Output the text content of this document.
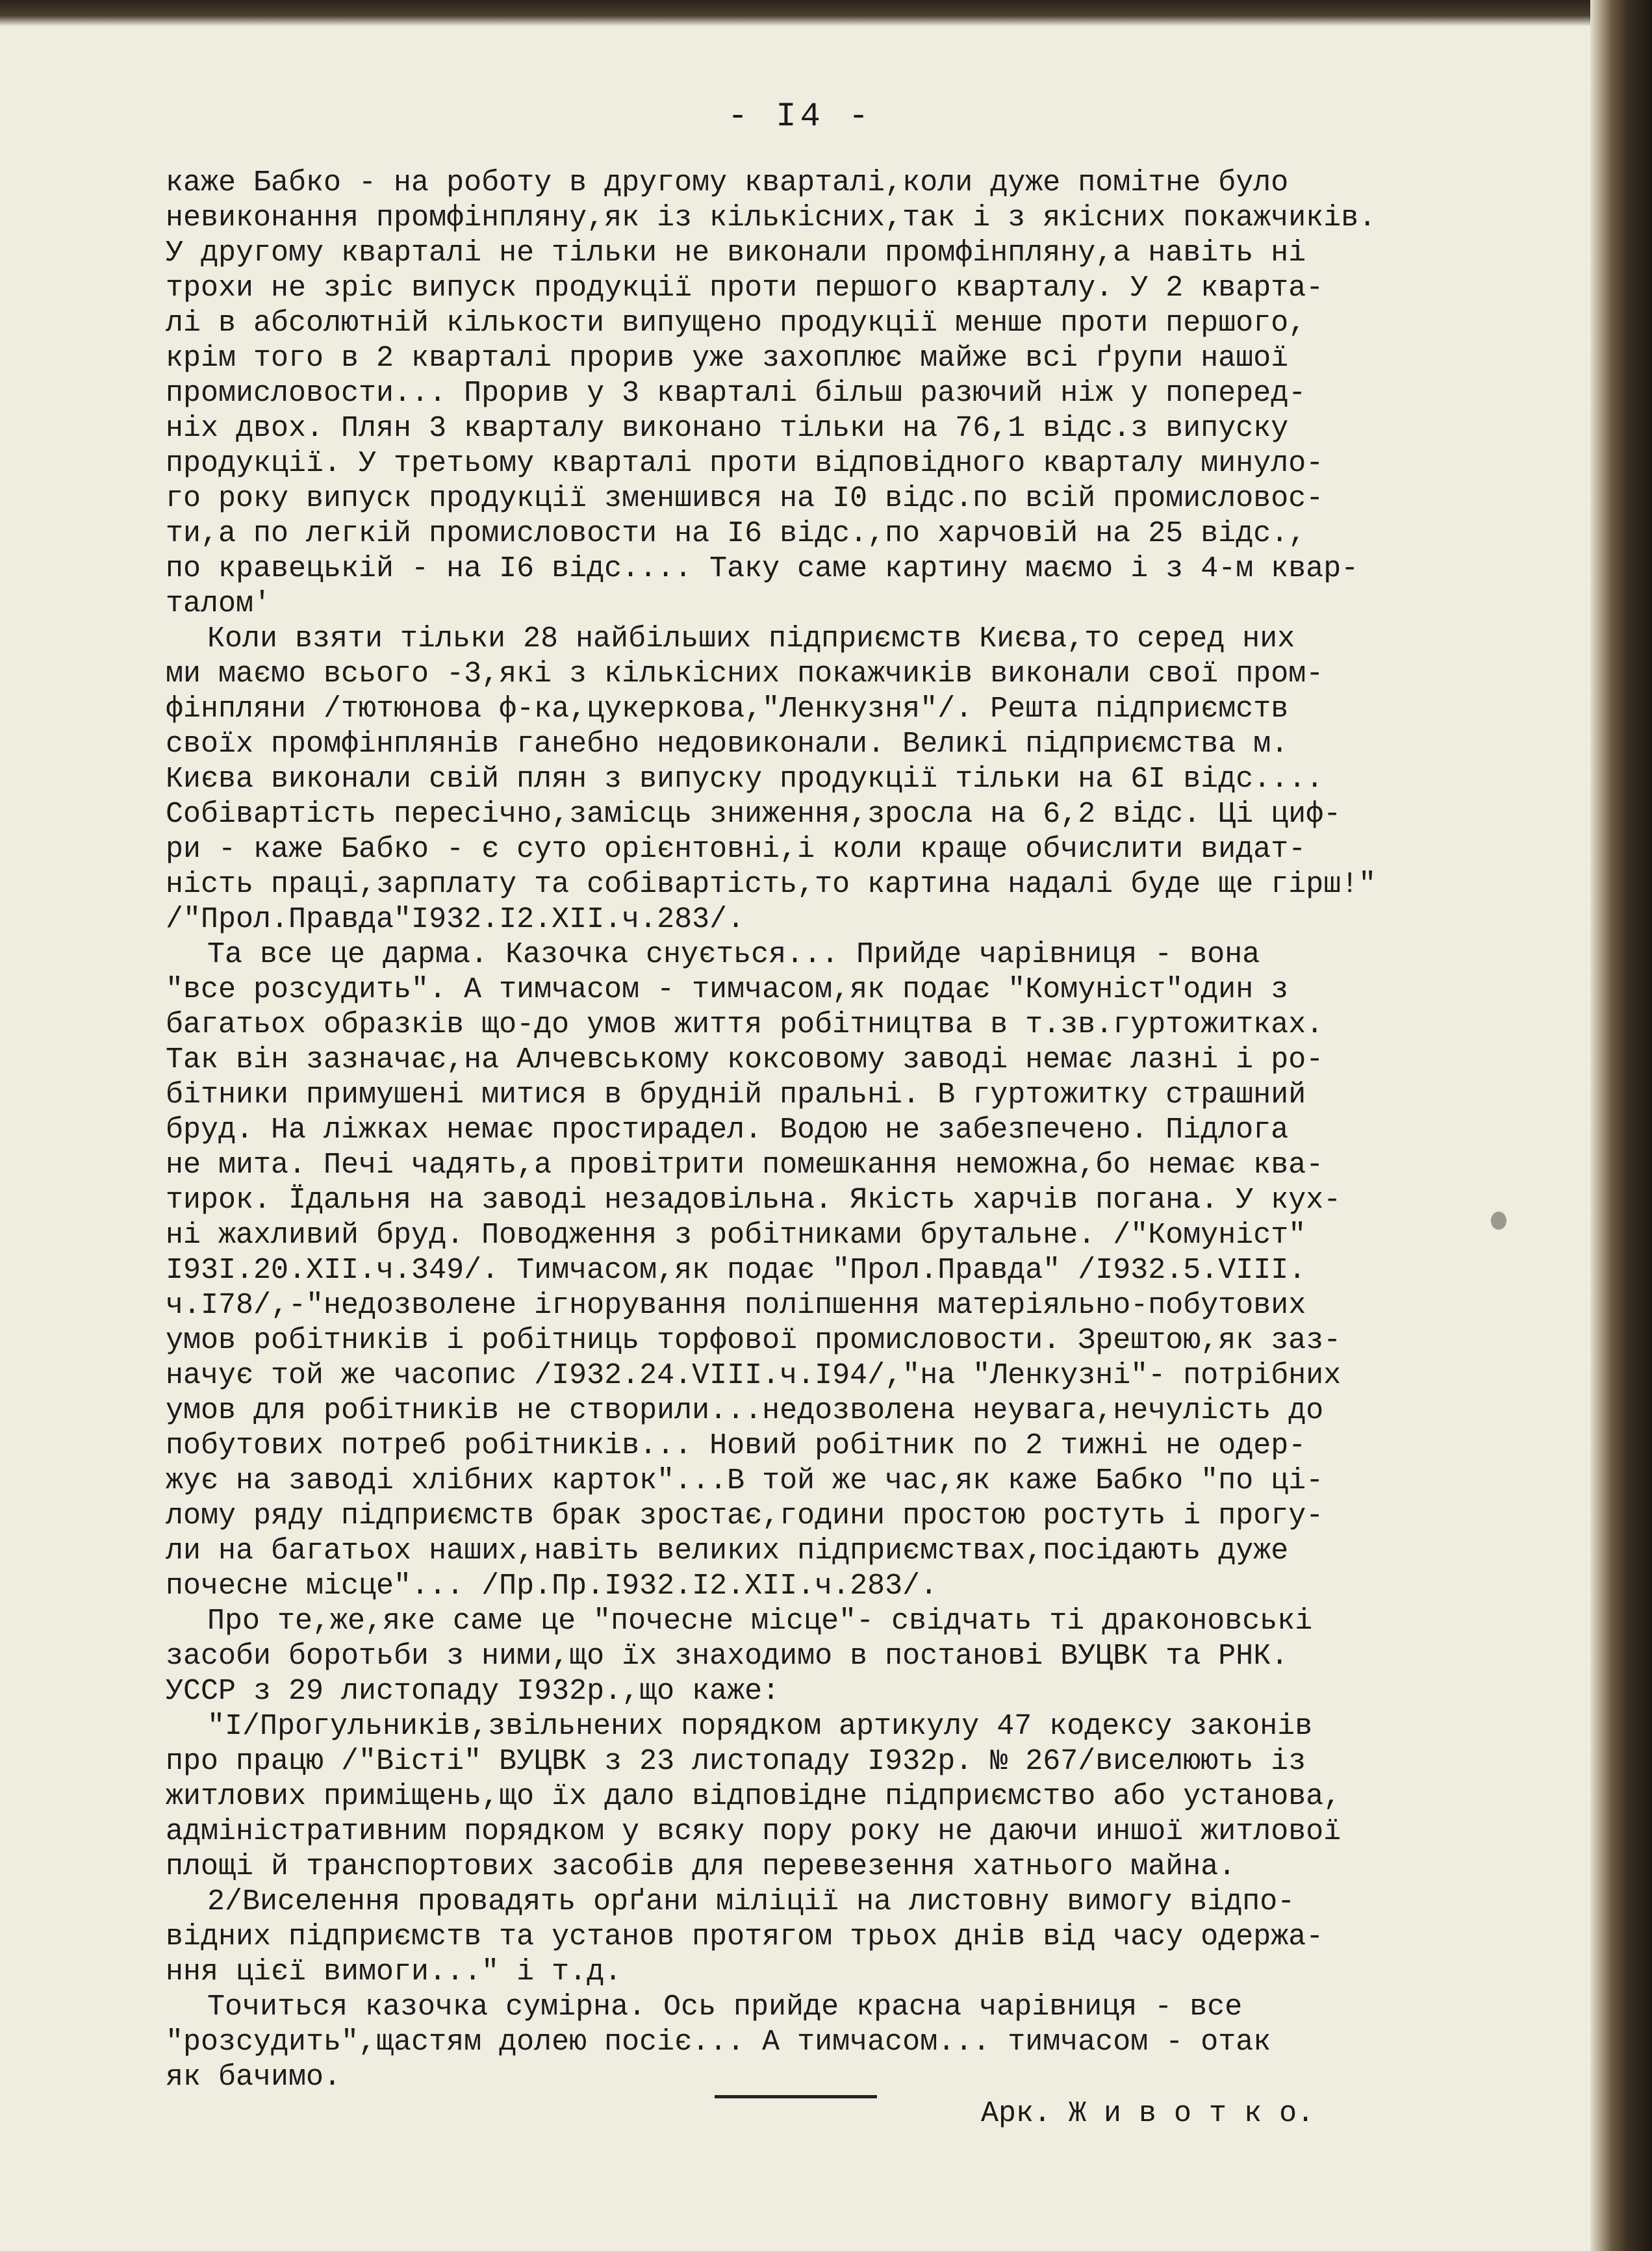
- I4 -

каже Бабко - на роботу в другому кварталі,коли дуже помітне було
невиконання промфінпляну,як із кількісних,так і з якісних покажчиків.
У другому кварталі не тільки не виконали промфінпляну,а навіть ні
трохи не зріс випуск продукції проти першого кварталу. У 2 кварта-
лі в абсолютній кількости випущено продукції менше проти першого,
крім того в 2 кварталі прорив уже захоплює майже всі ґрупи нашої
промисловости... Прорив у 3 кварталі більш разючий ніж у поперед-
ніх двох. Плян 3 кварталу виконано тільки на 76,1 відс.з випуску
продукції. У третьому кварталі проти відповідного кварталу минуло-
го року випуск продукції зменшився на I0 відс.по всій промисловос-
ти,а по легкій промисловости на I6 відс.,по харчовій на 25 відс.,
по кравецькій - на I6 відс.... Таку саме картину маємо і з 4-м квар-
талом'

Коли взяти тільки 28 найбільших підприємств Києва,то серед них
ми маємо всього -3,які з кількісних покажчиків виконали свої пром-
фінпляни /тютюнова ф-ка,цукеркова,"Ленкузня"/. Решта підприємств
своїх промфінплянів ганебно недовиконали. Великі підприємства м.
Києва виконали свій плян з випуску продукції тільки на 6I відс....
Собівартість пересічно,замісць зниження,зросла на 6,2 відс. Ці циф-
ри - каже Бабко - є суто орієнтовні,і коли краще обчислити видат-
ність праці,зарплату та собівартість,то картина надалі буде ще гірш!"
/"Прол.Правда"I932.I2.XII.ч.283/.

Та все це дарма. Казочка снується... Прийде чарівниця - вона
"все розсудить". А тимчасом - тимчасом,як подає "Комуніст"один з
багатьох образків що-до умов життя робітництва в т.зв.гуртожитках.
Так він зазначає,на Алчевському коксовому заводі немає лазні і ро-
бітники примушені митися в брудній пральні. В гуртожитку страшний
бруд. На ліжках немає простирадел. Водою не забезпечено. Підлога
не мита. Печі чадять,а провітрити помешкання неможна,бо немає ква-
тирок. Їдальня на заводі незадовільна. Якість харчів погана. У кух-
ні жахливий бруд. Поводження з робітниками брутальне. /"Комуніст"
I93I.20.XII.ч.349/. Тимчасом,як подає "Прол.Правда" /I932.5.VIII.
ч.I78/,-"недозволене ігнорування поліпшення матеріяльно-побутових
умов робітників і робітниць торфової промисловости. Зрештою,як заз-
начує той же часопис /I932.24.VIII.ч.I94/,"на "Ленкузні"- потрібних
умов для робітників не створили...недозволена неувага,нечулість до
побутових потреб робітників... Новий робітник по 2 тижні не одер-
жує на заводі хлібних карток"...В той же час,як каже Бабко "по ці-
лому ряду підприємств брак зростає,години простою ростуть і прогу-
ли на багатьох наших,навіть великих підприємствах,посідають дуже
почесне місце"... /Пр.Пр.I932.I2.XII.ч.283/.

Про те,же,яке саме це "почесне місце"- свідчать ті драконовські
засоби боротьби з ними,що їх знаходимо в постанові ВУЦВК та РНК.
УССР з 29 листопаду I932р.,що каже:

"I/Прогульників,звільнених порядком артикулу 47 кодексу законів
про працю /"Вісті" ВУЦВК з 23 листопаду I932р. № 267/виселюють із
житлових приміщень,що їх дало відповідне підприємство або установа,
адміністративним порядком у всяку пору року не даючи иншої житлової
площі й транспортових засобів для перевезення хатнього майна.

2/Виселення провадять орґани міліції на листовну вимогу відпо-
відних підприємств та установ протягом трьох днів від часу одержа-
ння цієї вимоги..." і т.д.

Точиться казочка сумірна. Ось прийде красна чарівниця - все
"розсудить",щастям долею посіє... А тимчасом... тимчасом - отак
як бачимо.

Арк. Ж и в о т к о.
